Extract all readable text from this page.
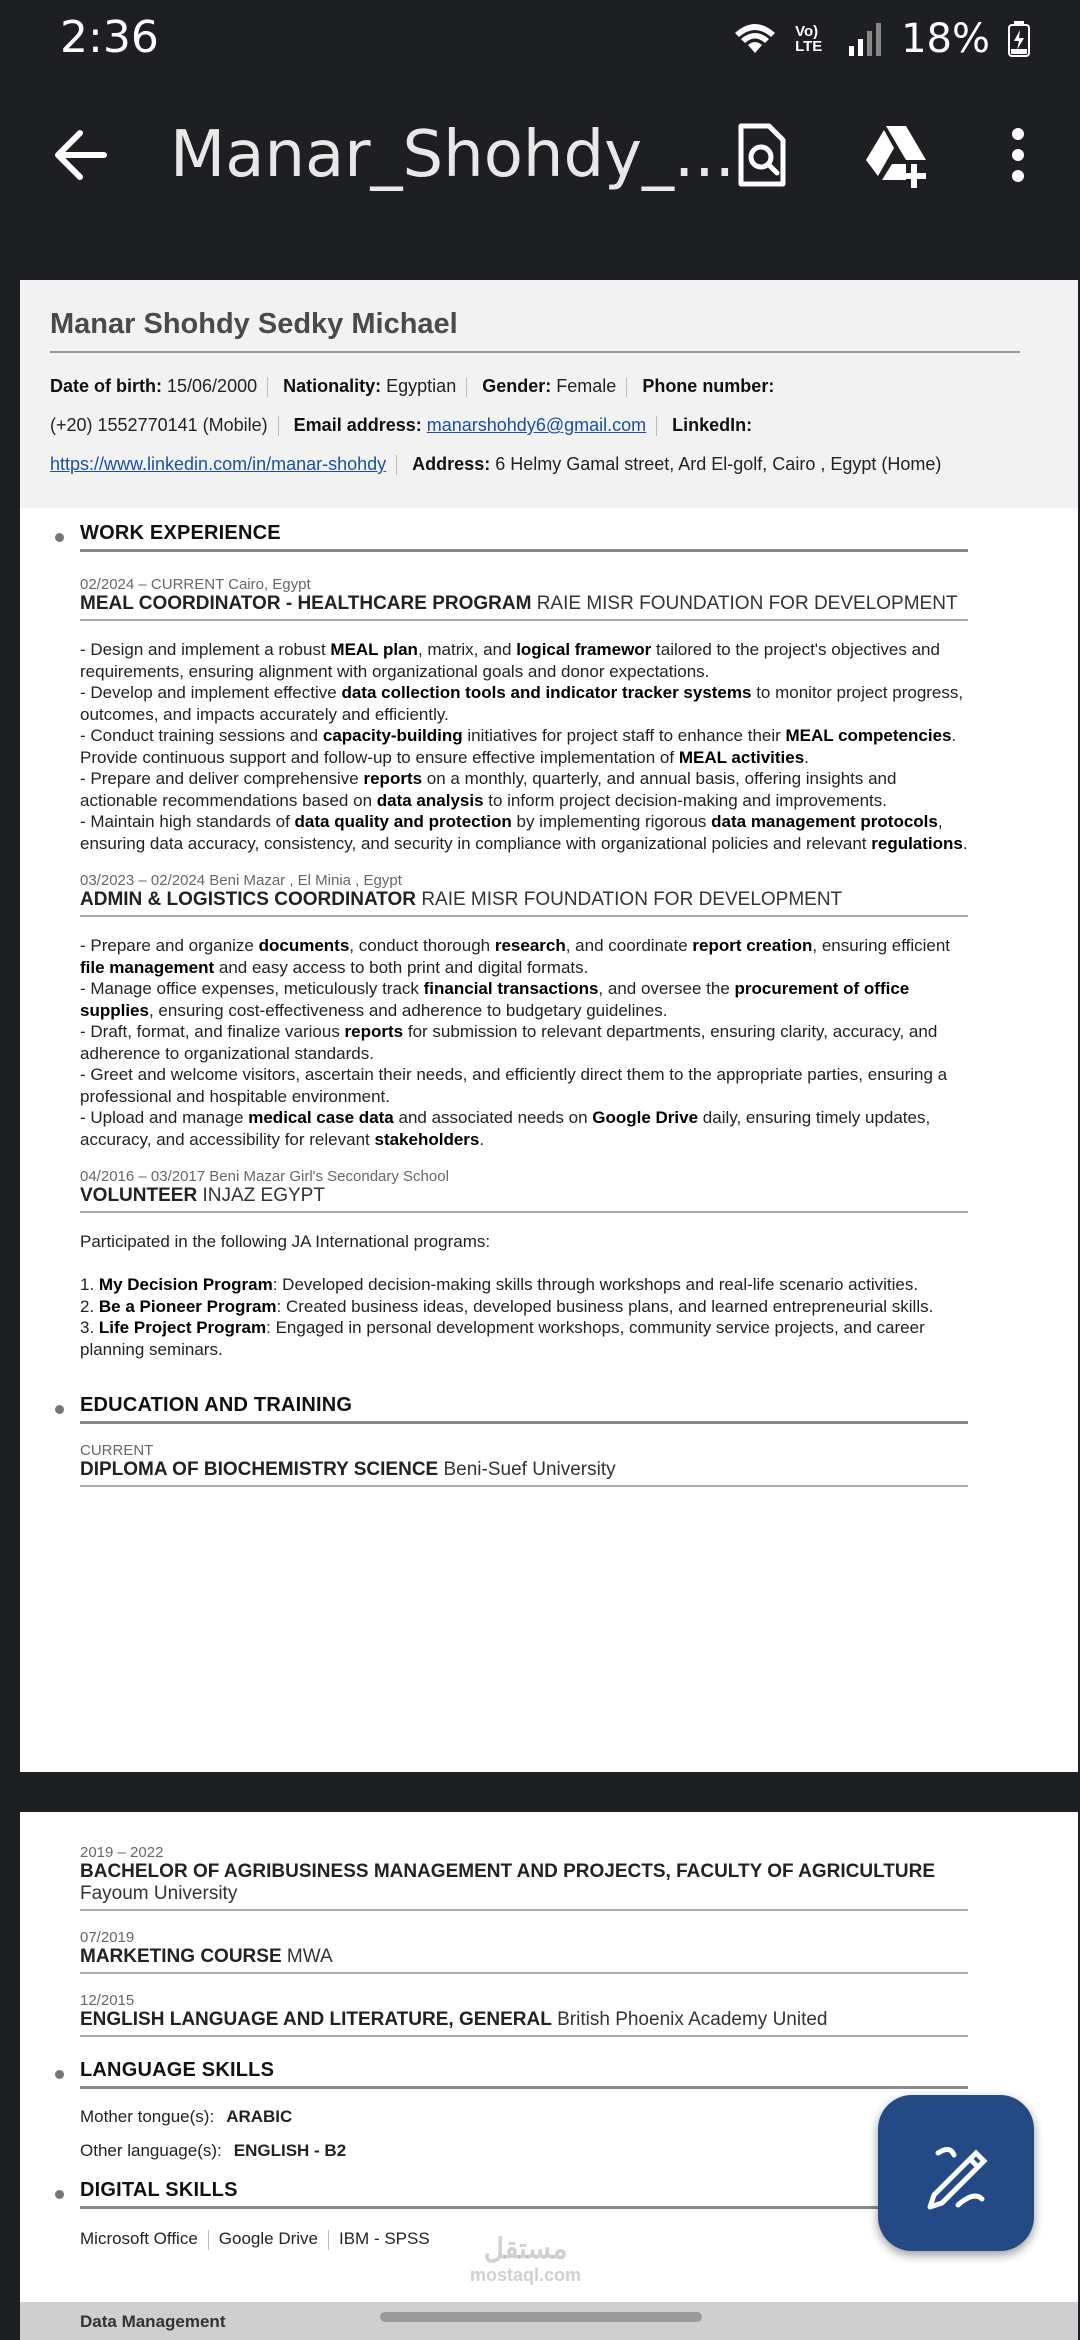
2:36	Vo) LTE 18%
Manar_Shohdy_...
Manar Shohdy Sedky Michael
Date of birth: 15/06/2000 Nationality: Egyptian Gender: Female Phone number:
(+20) 1552770141 (Mobile) Email address: manarshohdy6@gmail.com LinkedIn:
https://www.linkedin.com/in/manar-shohdy Address: 6 Helmy Gamal street, Ard El-golf, Cairo , Egypt (Home)
WORK EXPERIENCE
02/2024 – CURRENT Cairo, Egypt
MEAL COORDINATOR - HEALTHCARE PROGRAM RAIE MISR FOUNDATION FOR DEVELOPMENT
- Design and implement a robust MEAL plan, matrix, and logical framewor tailored to the project's objectives and requirements, ensuring alignment with organizational goals and donor expectations.
- Develop and implement effective data collection tools and indicator tracker systems to monitor project progress, outcomes, and impacts accurately and efficiently.
- Conduct training sessions and capacity-building initiatives for project staff to enhance their MEAL competencies. Provide continuous support and follow-up to ensure effective implementation of MEAL activities.
- Prepare and deliver comprehensive reports on a monthly, quarterly, and annual basis, offering insights and actionable recommendations based on data analysis to inform project decision-making and improvements.
- Maintain high standards of data quality and protection by implementing rigorous data management protocols, ensuring data accuracy, consistency, and security in compliance with organizational policies and relevant regulations.
03/2023 – 02/2024 Beni Mazar , El Minia , Egypt
ADMIN & LOGISTICS COORDINATOR RAIE MISR FOUNDATION FOR DEVELOPMENT
- Prepare and organize documents, conduct thorough research, and coordinate report creation, ensuring efficient file management and easy access to both print and digital formats.
- Manage office expenses, meticulously track financial transactions, and oversee the procurement of office supplies, ensuring cost-effectiveness and adherence to budgetary guidelines.
- Draft, format, and finalize various reports for submission to relevant departments, ensuring clarity, accuracy, and adherence to organizational standards.
- Greet and welcome visitors, ascertain their needs, and efficiently direct them to the appropriate parties, ensuring a professional and hospitable environment.
- Upload and manage medical case data and associated needs on Google Drive daily, ensuring timely updates, accuracy, and accessibility for relevant stakeholders.
04/2016 – 03/2017 Beni Mazar Girl's Secondary School
VOLUNTEER INJAZ EGYPT
Participated in the following JA International programs:

1. My Decision Program: Developed decision-making skills through workshops and real-life scenario activities.
2. Be a Pioneer Program: Created business ideas, developed business plans, and learned entrepreneurial skills.
3. Life Project Program: Engaged in personal development workshops, community service projects, and career planning seminars.
EDUCATION AND TRAINING
CURRENT
DIPLOMA OF BIOCHEMISTRY SCIENCE Beni-Suef University
2019 – 2022
BACHELOR OF AGRIBUSINESS MANAGEMENT AND PROJECTS, FACULTY OF AGRICULTURE
Fayoum University
07/2019
MARKETING COURSE MWA
12/2015
ENGLISH LANGUAGE AND LITERATURE, GENERAL British Phoenix Academy United
LANGUAGE SKILLS
Mother tongue(s): ARABIC
Other language(s): ENGLISH - B2
DIGITAL SKILLS
Microsoft Office Google Drive IBM - SPSS
Data Management
مستقل
mostaql.com
